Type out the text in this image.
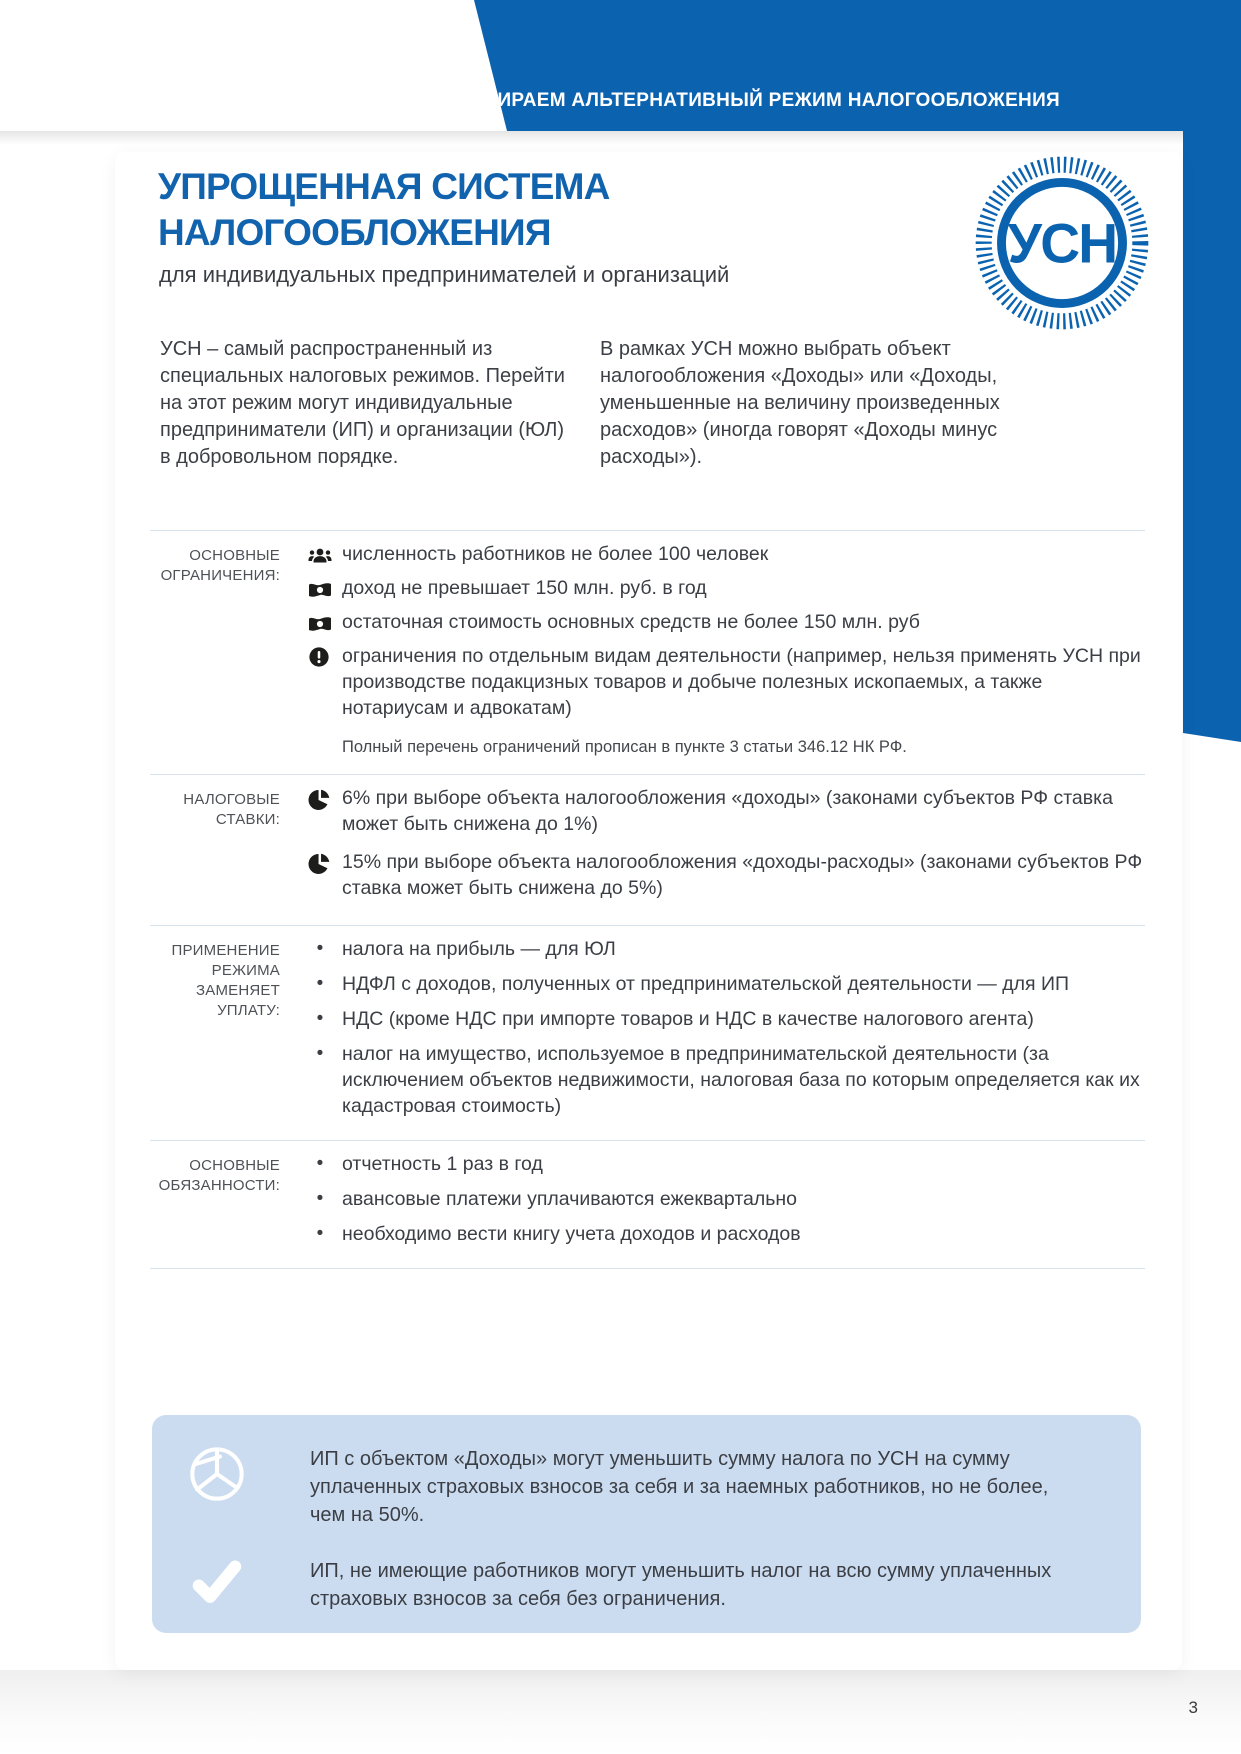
ВЫБИРАЕМ АЛЬТЕРНАТИВНЫЙ РЕЖИМ НАЛОГООБЛОЖЕНИЯ
УПРОЩЕННАЯ СИСТЕМА
НАЛОГООБЛОЖЕНИЯ
для индивидуальных предпринимателей и организаций	УСН

УСН – самый распространенный из специальных налоговых режимов. Перейти на этот режим могут индивидуальные предприниматели (ИП) и организации (ЮЛ) в добровольном порядке.

В рамках УСН можно выбрать объект налогообложения «Доходы» или «Доходы, уменьшенные на величину произведенных расходов» (иногда говорят «Доходы минус расходы»).

ОСНОВНЫЕ ОГРАНИЧЕНИЯ:
численность работников не более 100 человек
доход не превышает 150 млн. руб. в год
остаточная стоимость основных средств не более 150 млн. руб
ограничения по отдельным видам деятельности (например, нельзя применять УСН при производстве подакцизных товаров и добыче полезных ископаемых, а также нотариусам и адвокатам)
Полный перечень ограничений прописан в пункте 3 статьи 346.12 НК РФ.
НАЛОГОВЫЕ СТАВКИ:
6% при выборе объекта налогообложения «доходы» (законами субъектов РФ ставка может быть снижена до 1%)
15% при выборе объекта налогообложения «доходы-расходы» (законами субъектов РФ ставка может быть снижена до 5%)
ПРИМЕНЕНИЕ РЕЖИМА ЗАМЕНЯЕТ УПЛАТУ:
• налога на прибыль — для ЮЛ
• НДФЛ с доходов, полученных от предпринимательской деятельности — для ИП
• НДС (кроме НДС при импорте товаров и НДС в качестве налогового агента)
• налог на имущество, используемое в предпринимательской деятельности (за исключением объектов недвижимости, налоговая база по которым определяется как их кадастровая стоимость)
ОСНОВНЫЕ ОБЯЗАННОСТИ:
• отчетность 1 раз в год
• авансовые платежи уплачиваются ежеквартально
• необходимо вести книгу учета доходов и расходов
ИП с объектом «Доходы» могут уменьшить сумму налога по УСН на сумму уплаченных страховых взносов за себя и за наемных работников, но не более, чем на 50%.
ИП, не имеющие работников могут уменьшить налог на всю сумму уплаченных страховых взносов за себя без ограничения.
3
